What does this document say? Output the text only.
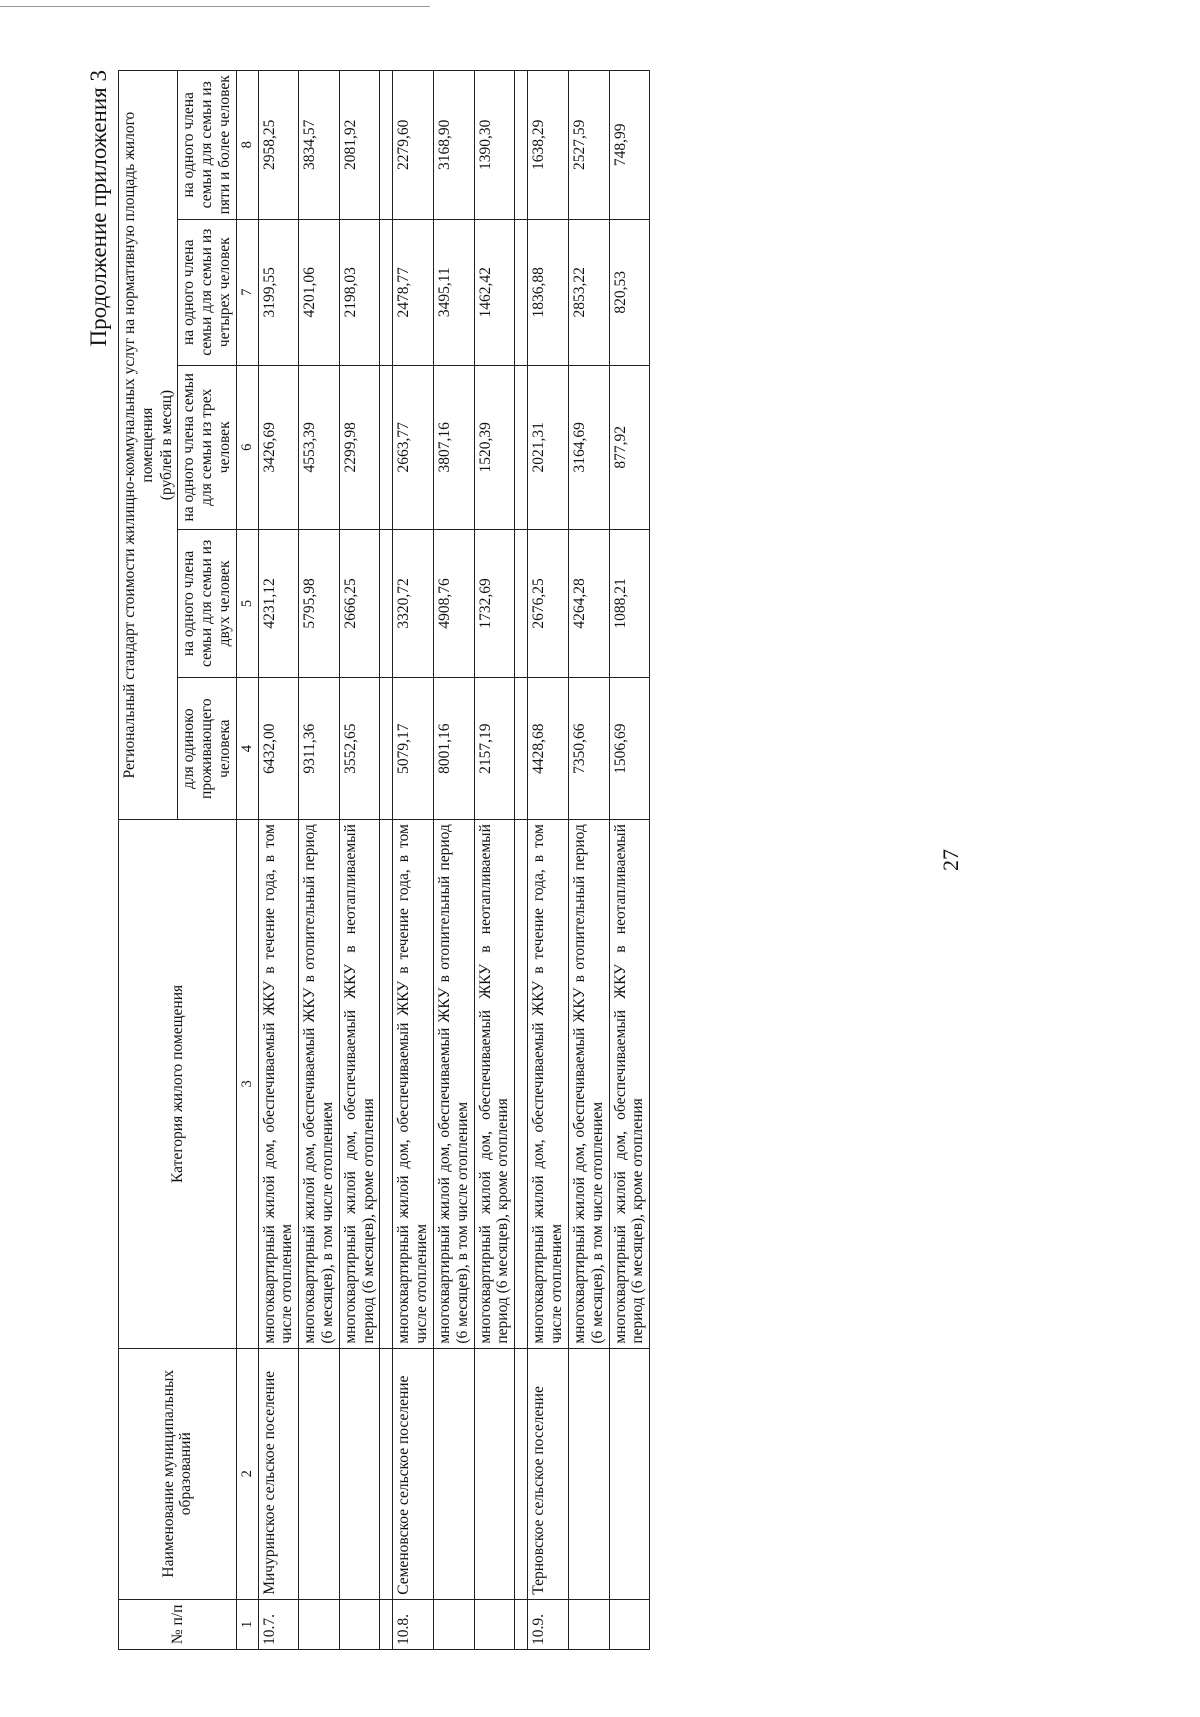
Продолжение приложения 3
№ п/п	Наименование муниципальных образований	Категория жилого помещения	Региональный стандарт стоимости жилищно-коммунальных услуг на нормативную площадь жилого помещения (рублей в месяц)				

			для одиноко проживающего человека	на одного члена семьи для семьи из двух человек	на одного члена семьи для семьи из трех человек	на одного члена семьи для семьи из четырех человек	на одного члена семьи для семьи из пяти и более человек
1	2	3	4	5	6	7	8
10.7.	Мичуринское сельское поселение	многоквартирный жилой дом, обеспечиваемый ЖКУ в течение года, в том числе отоплением	6432,00	4231,12	3426,69	3199,55	2958,25
		многоквартирный жилой дом, обеспечиваемый ЖКУ в отопительный период (6 месяцев), в том числе отоплением	9311,36	5795,98	4553,39	4201,06	3834,57
		многоквартирный жилой дом, обеспечиваемый ЖКУ в неотапливаемый период (6 месяцев), кроме отопления	3552,65	2666,25	2299,98	2198,03	2081,92

10.8.	Семеновское сельское поселение	многоквартирный жилой дом, обеспечиваемый ЖКУ в течение года, в том числе отоплением	5079,17	3320,72	2663,77	2478,77	2279,60
		многоквартирный жилой дом, обеспечиваемый ЖКУ в отопительный период (6 месяцев), в том числе отоплением	8001,16	4908,76	3807,16	3495,11	3168,90
		многоквартирный жилой дом, обеспечиваемый ЖКУ в неотапливаемый период (6 месяцев), кроме отопления	2157,19	1732,69	1520,39	1462,42	1390,30

10.9.	Терновское сельское поселение	многоквартирный жилой дом, обеспечиваемый ЖКУ в течение года, в том числе отоплением	4428,68	2676,25	2021,31	1836,88	1638,29
		многоквартирный жилой дом, обеспечиваемый ЖКУ в отопительный период (6 месяцев), в том числе отоплением	7350,66	4264,28	3164,69	2853,22	2527,59
		многоквартирный жилой дом, обеспечиваемый ЖКУ в неотапливаемый период (6 месяцев), кроме отопления	1506,69	1088,21	877,92	820,53	748,99
27
